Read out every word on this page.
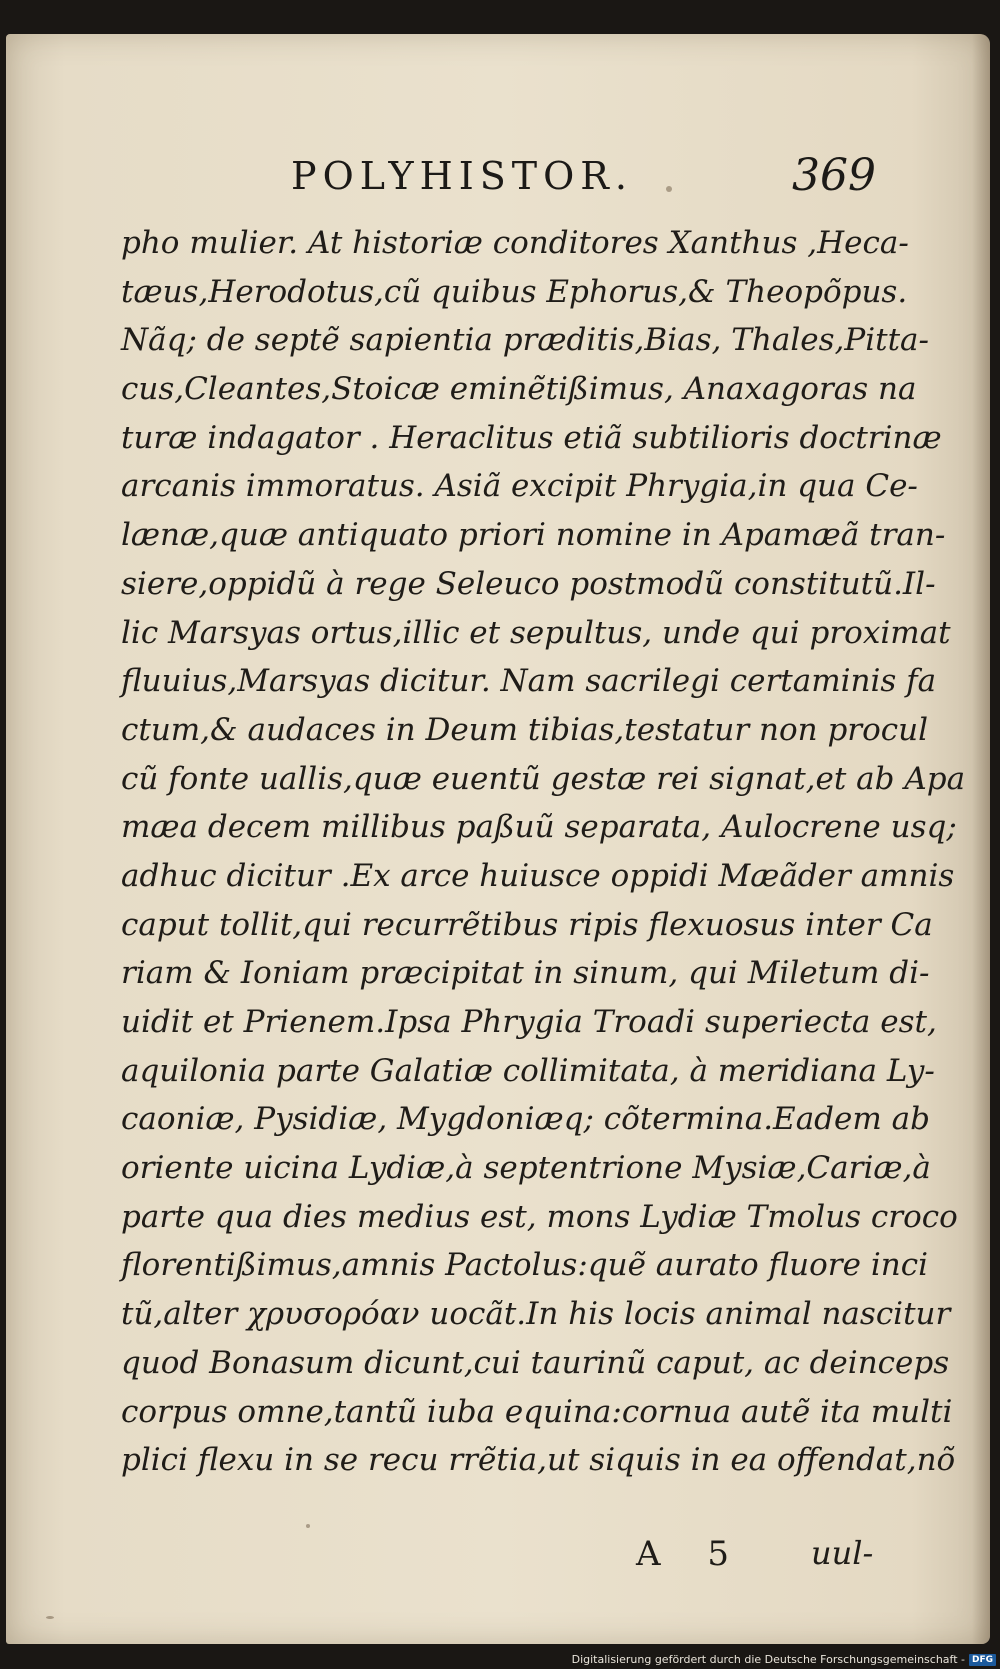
POLYHISTOR.	369
pho mulier. At historiæ conditores Xanthus ,Heca-
tæus,Herodotus,cũ quibus Ephorus,& Theopõpus.
Nãq; de septẽ sapientia præditis,Bias, Thales,Pitta-
cus,Cleantes,Stoicæ eminẽtißimus, Anaxagoras na
turæ indagator . Heraclitus etiã subtilioris doctrinæ
arcanis immoratus. Asiã excipit Phrygia,in qua Ce-
lænæ,quæ antiquato priori nomine in Apamæã tran-
siere,oppidũ à rege Seleuco postmodũ constitutũ.Il-
lic Marsyas ortus,illic et sepultus, unde qui proximat
fluuius,Marsyas dicitur. Nam sacrilegi certaminis fa
ctum,& audaces in Deum tibias,testatur non procul
cũ fonte uallis,quæ euentũ gestæ rei signat,et ab Apa
mæa decem millibus paßuũ separata, Aulocrene usq;
adhuc dicitur .Ex arce huiusce oppidi Mæãder amnis
caput tollit,qui recurrẽtibus ripis flexuosus inter Ca
riam & Ioniam præcipitat in sinum, qui Miletum di-
uidit et Prienem.Ipsa Phrygia Troadi superiecta est,
aquilonia parte Galatiæ collimitata, à meridiana Ly-
caoniæ, Pysidiæ, Mygdoniæq; cõtermina.Eadem ab
oriente uicina Lydiæ,à septentrione Mysiæ,Cariæ,à
parte qua dies medius est, mons Lydiæ Tmolus croco
florentißimus,amnis Pactolus:quẽ aurato fluore inci
tũ,alter χρυσορόαν uocãt.In his locis animal nascitur
quod Bonasum dicunt,cui taurinũ caput, ac deinceps
corpus omne,tantũ iuba equina:cornua autẽ ita multi
plici flexu in se recu rrẽtia,ut siquis in ea offendat,nõ
A 5 uul-
Digitalisierung gefördert durch die Deutsche Forschungsgemeinschaft - DFG
